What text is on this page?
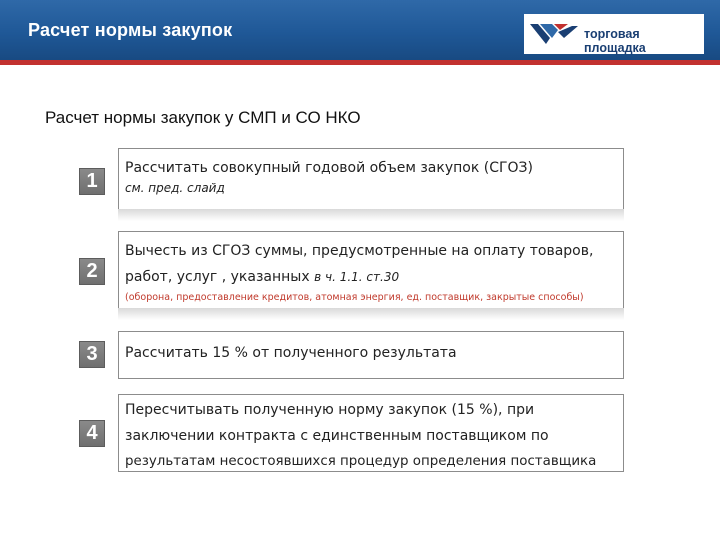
Расчет нормы закупок	торговая площадка
Расчет нормы закупок у СМП и СО НКО
1
Рассчитать совокупный годовой объем закупок (СГОЗ)
см. пред. слайд
2
Вычесть из СГОЗ суммы, предусмотренные на оплату товаров,
работ, услуг , указанных в ч. 1.1. ст.30
(оборона, предоставление кредитов, атомная энергия, ед. поставщик, закрытые способы)
3	Рассчитать 15 % от полученного результата
4
Пересчитывать полученную норму закупок (15 %), при
заключении контракта с единственным поставщиком по
результатам несостоявшихся процедур определения поставщика
